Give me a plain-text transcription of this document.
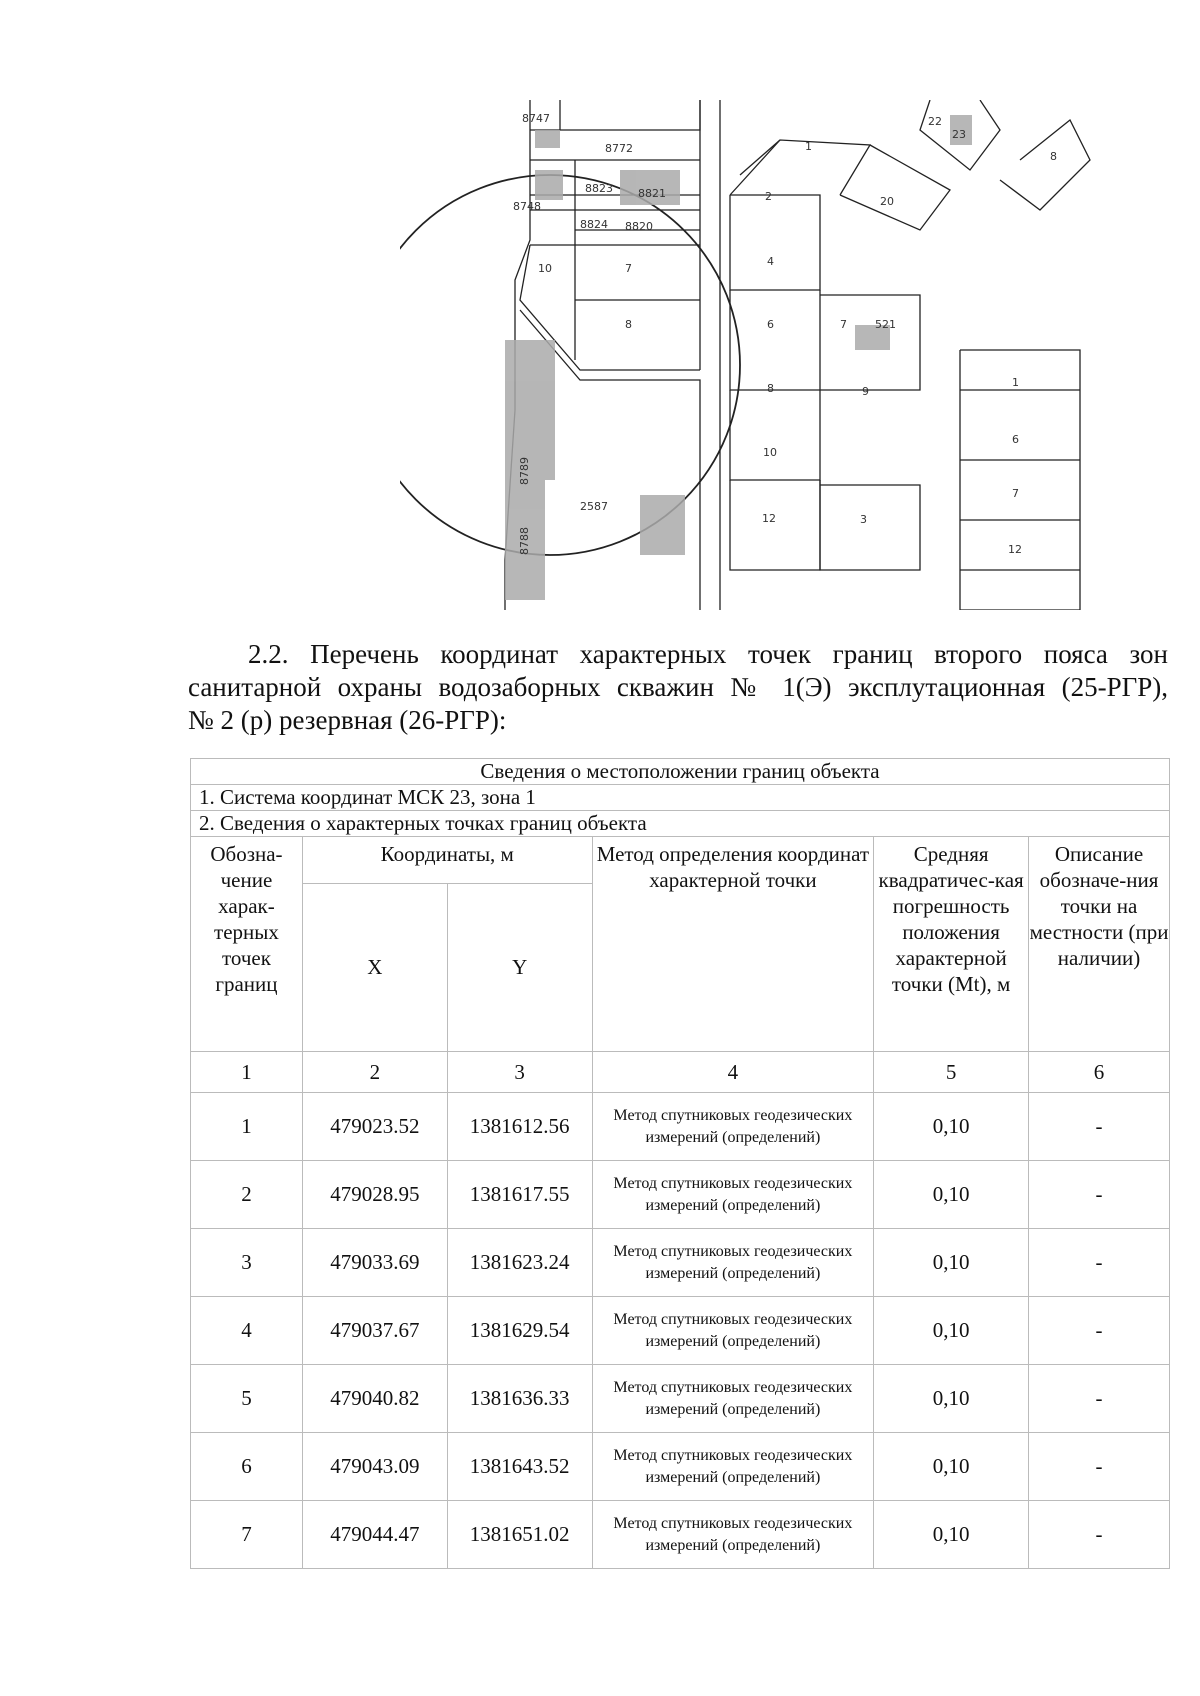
8747
8772
8823 8821
8748
8824 8820
10	7
8
1
2	20
22
23
8
4
6	7	521
8	9
10
12	3
1
6
7
12
2587
8789
8788
2.2. Перечень координат характерных точек границ второго пояса зон
санитарной охраны водозаборных скважин № 1(Э) эксплутационная (25-РГР),
№ 2 (р) резервная (26-РГР):
Сведения о местоположении границ объекта					
1. Система координат МСК 23, зона 1					
2. Сведения о характерных точках границ объекта					
Обозна-чение харак-терных точек границ	Координаты, м		Метод определения координат характерной точки	Средняя квадратичес-кая погрешность положения характерной точки (Mt), м	Описание обозначе-ния точки на местности (при наличии)
	X	Y			
1	2	3	4	5	6
1	479023.52	1381612.56	Метод спутниковых геодезических измерений (определений)	0,10	-
2	479028.95	1381617.55	Метод спутниковых геодезических измерений (определений)	0,10	-
3	479033.69	1381623.24	Метод спутниковых геодезических измерений (определений)	0,10	-
4	479037.67	1381629.54	Метод спутниковых геодезических измерений (определений)	0,10	-
5	479040.82	1381636.33	Метод спутниковых геодезических измерений (определений)	0,10	-
6	479043.09	1381643.52	Метод спутниковых геодезических измерений (определений)	0,10	-
7	479044.47	1381651.02	Метод спутниковых геодезических измерений (определений)	0,10	-
